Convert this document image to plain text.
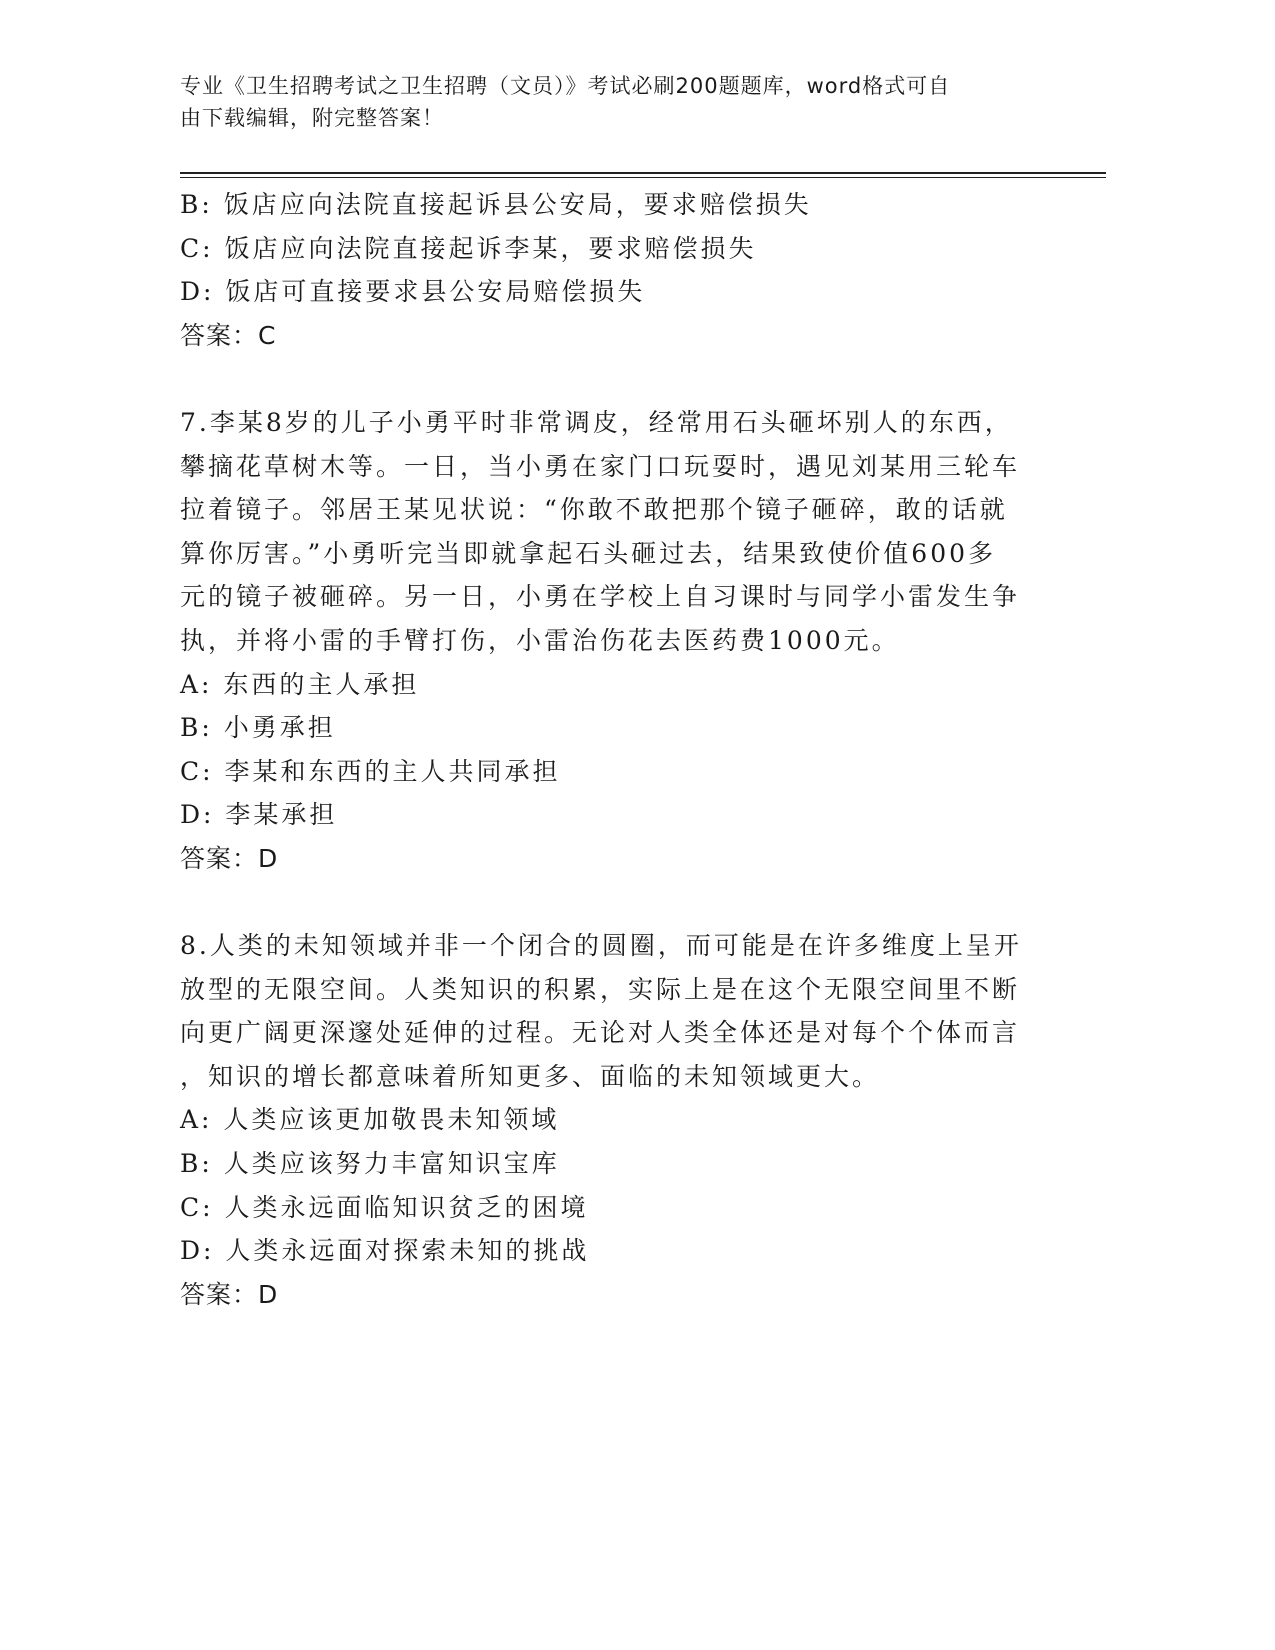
专业《卫生招聘考试之卫生招聘（文员）》考试必刷200题题库，word格式可自
由下载编辑，附完整答案！
B: 饭店应向法院直接起诉县公安局，要求赔偿损失
C: 饭店应向法院直接起诉李某，要求赔偿损失
D: 饭店可直接要求县公安局赔偿损失
答案：C
7.李某8岁的儿子小勇平时非常调皮，经常用石头砸坏别人的东西，
攀摘花草树木等。一日，当小勇在家门口玩耍时，遇见刘某用三轮车
拉着镜子。邻居王某见状说：“你敢不敢把那个镜子砸碎，敢的话就
算你厉害。”小勇听完当即就拿起石头砸过去，结果致使价值600多
元的镜子被砸碎。另一日，小勇在学校上自习课时与同学小雷发生争
执，并将小雷的手臂打伤，小雷治伤花去医药费1000元。
A: 东西的主人承担
B: 小勇承担
C: 李某和东西的主人共同承担
D: 李某承担
答案：D
8.人类的未知领域并非一个闭合的圆圈，而可能是在许多维度上呈开
放型的无限空间。人类知识的积累，实际上是在这个无限空间里不断
向更广阔更深邃处延伸的过程。无论对人类全体还是对每个个体而言
，知识的增长都意味着所知更多、面临的未知领域更大。
A: 人类应该更加敬畏未知领域
B: 人类应该努力丰富知识宝库
C: 人类永远面临知识贫乏的困境
D: 人类永远面对探索未知的挑战
答案：D
